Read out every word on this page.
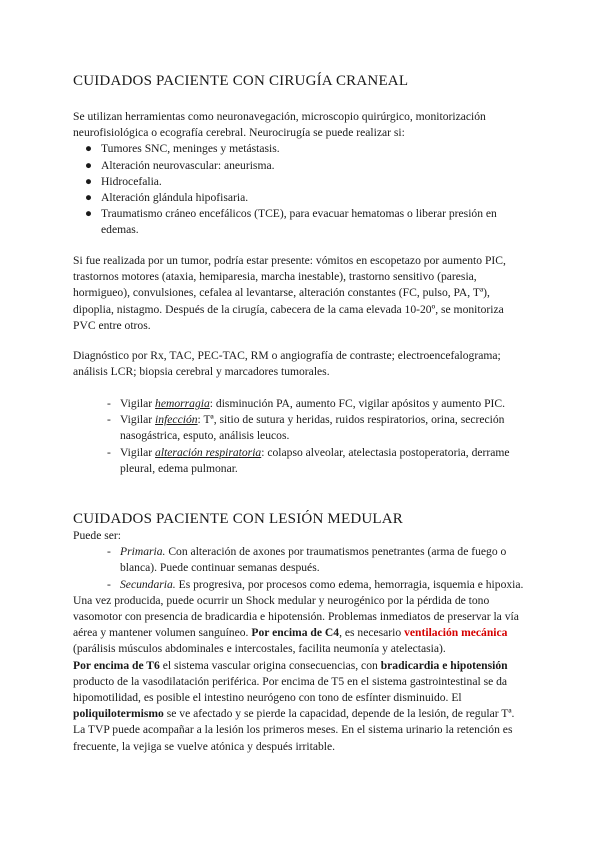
CUIDADOS PACIENTE CON CIRUGÍA CRANEAL

Se utilizan herramientas como neuronavegación, microscopio quirúrgico, monitorización neurofisiológica o ecografía cerebral. Neurocirugía se puede realizar si:

● Tumores SNC, meninges y metástasis.
● Alteración neurovascular: aneurisma.
● Hidrocefalia.
● Alteración glándula hipofisaria.
● Traumatismo cráneo encefálicos (TCE), para evacuar hematomas o liberar presión en edemas.

Si fue realizada por un tumor, podría estar presente: vómitos en escopetazo por aumento PIC, trastornos motores (ataxia, hemiparesia, marcha inestable), trastorno sensitivo (paresia, hormigueo), convulsiones, cefalea al levantarse, alteración constantes (FC, pulso, PA, Tª), dipoplia, nistagmo. Después de la cirugía, cabecera de la cama elevada 10-20º, se monitoriza PVC entre otros.

Diagnóstico por Rx, TAC, PEC-TAC, RM o angiografía de contraste; electroencefalograma; análisis LCR; biopsia cerebral y marcadores tumorales.

- Vigilar hemorragia: disminución PA, aumento FC, vigilar apósitos y aumento PIC.
- Vigilar infección: Tª, sitio de sutura y heridas, ruidos respiratorios, orina, secreción nasogástrica, esputo, análisis leucos.
- Vigilar alteración respiratoria: colapso alveolar, atelectasia postoperatoria, derrame pleural, edema pulmonar.
CUIDADOS PACIENTE CON LESIÓN MEDULAR

Puede ser:

- Primaria. Con alteración de axones por traumatismos penetrantes (arma de fuego o blanca). Puede continuar semanas después.
- Secundaria. Es progresiva, por procesos como edema, hemorragia, isquemia e hipoxia.

Una vez producida, puede ocurrir un Shock medular y neurogénico por la pérdida de tono vasomotor con presencia de bradicardia e hipotensión. Problemas inmediatos de preservar la vía aérea y mantener volumen sanguíneo. Por encima de C4, es necesario ventilación mecánica (parálisis músculos abdominales e intercostales, facilita neumonía y atelectasia).

Por encima de T6 el sistema vascular origina consecuencias, con bradicardia e hipotensión producto de la vasodilatación periférica. Por encima de T5 en el sistema gastrointestinal se da hipomotilidad, es posible el intestino neurógeno con tono de esfínter disminuido. El poliquilotermismo se ve afectado y se pierde la capacidad, depende de la lesión, de regular Tª. La TVP puede acompañar a la lesión los primeros meses. En el sistema urinario la retención es frecuente, la vejiga se vuelve atónica y después irritable.
